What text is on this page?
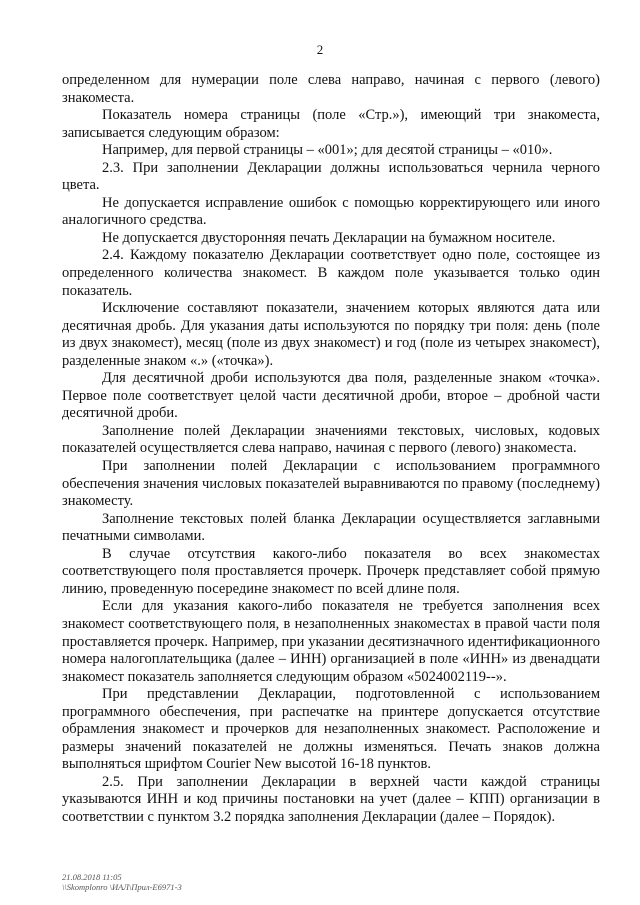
2

определенном для нумерации поле слева направо, начиная с первого (левого) знакоместа.

Показатель номера страницы (поле «Стр.»), имеющий три знакоместа, записывается следующим образом:

Например, для первой страницы – «001»; для десятой страницы – «010».

2.3. При заполнении Декларации должны использоваться чернила черного цвета.

Не допускается исправление ошибок с помощью корректирующего или иного аналогичного средства.

Не допускается двусторонняя печать Декларации на бумажном носителе.

2.4. Каждому показателю Декларации соответствует одно поле, состоящее из определенного количества знакомест. В каждом поле указывается только один показатель.

Исключение составляют показатели, значением которых являются дата или десятичная дробь. Для указания даты используются по порядку три поля: день (поле из двух знакомест), месяц (поле из двух знакомест) и год (поле из четырех знакомест), разделенные знаком «.» («точка»).

Для десятичной дроби используются два поля, разделенные знаком «точка». Первое поле соответствует целой части десятичной дроби, второе – дробной части десятичной дроби.

Заполнение полей Декларации значениями текстовых, числовых, кодовых показателей осуществляется слева направо, начиная с первого (левого) знакоместа.

При заполнении полей Декларации с использованием программного обеспечения значения числовых показателей выравниваются по правому (последнему) знакоместу.

Заполнение текстовых полей бланка Декларации осуществляется заглавными печатными символами.

В случае отсутствия какого-либо показателя во всех знакоместах соответствующего поля проставляется прочерк. Прочерк представляет собой прямую линию, проведенную посередине знакомест по всей длине поля.

Если для указания какого-либо показателя не требуется заполнения всех знакомест соответствующего поля, в незаполненных знакоместах в правой части поля проставляется прочерк. Например, при указании десятизначного идентификационного номера налогоплательщика (далее – ИНН) организацией в поле «ИНН» из двенадцати знакомест показатель заполняется следующим образом «5024002119--».

При представлении Декларации, подготовленной с использованием программного обеспечения, при распечатке на принтере допускается отсутствие обрамления знакомест и прочерков для незаполненных знакомест. Расположение и размеры значений показателей не должны изменяться. Печать знаков должна выполняться шрифтом Courier New высотой 16-18 пунктов.

2.5. При заполнении Декларации в верхней части каждой страницы указываются ИНН и код причины постановки на учет (далее – КПП) организации в соответствии с пунктом 3.2 порядка заполнения Декларации (далее – Порядок).

21.08.2018 11:05
\\Skomplonro \ИАЛ\Прил-Е6971-3
